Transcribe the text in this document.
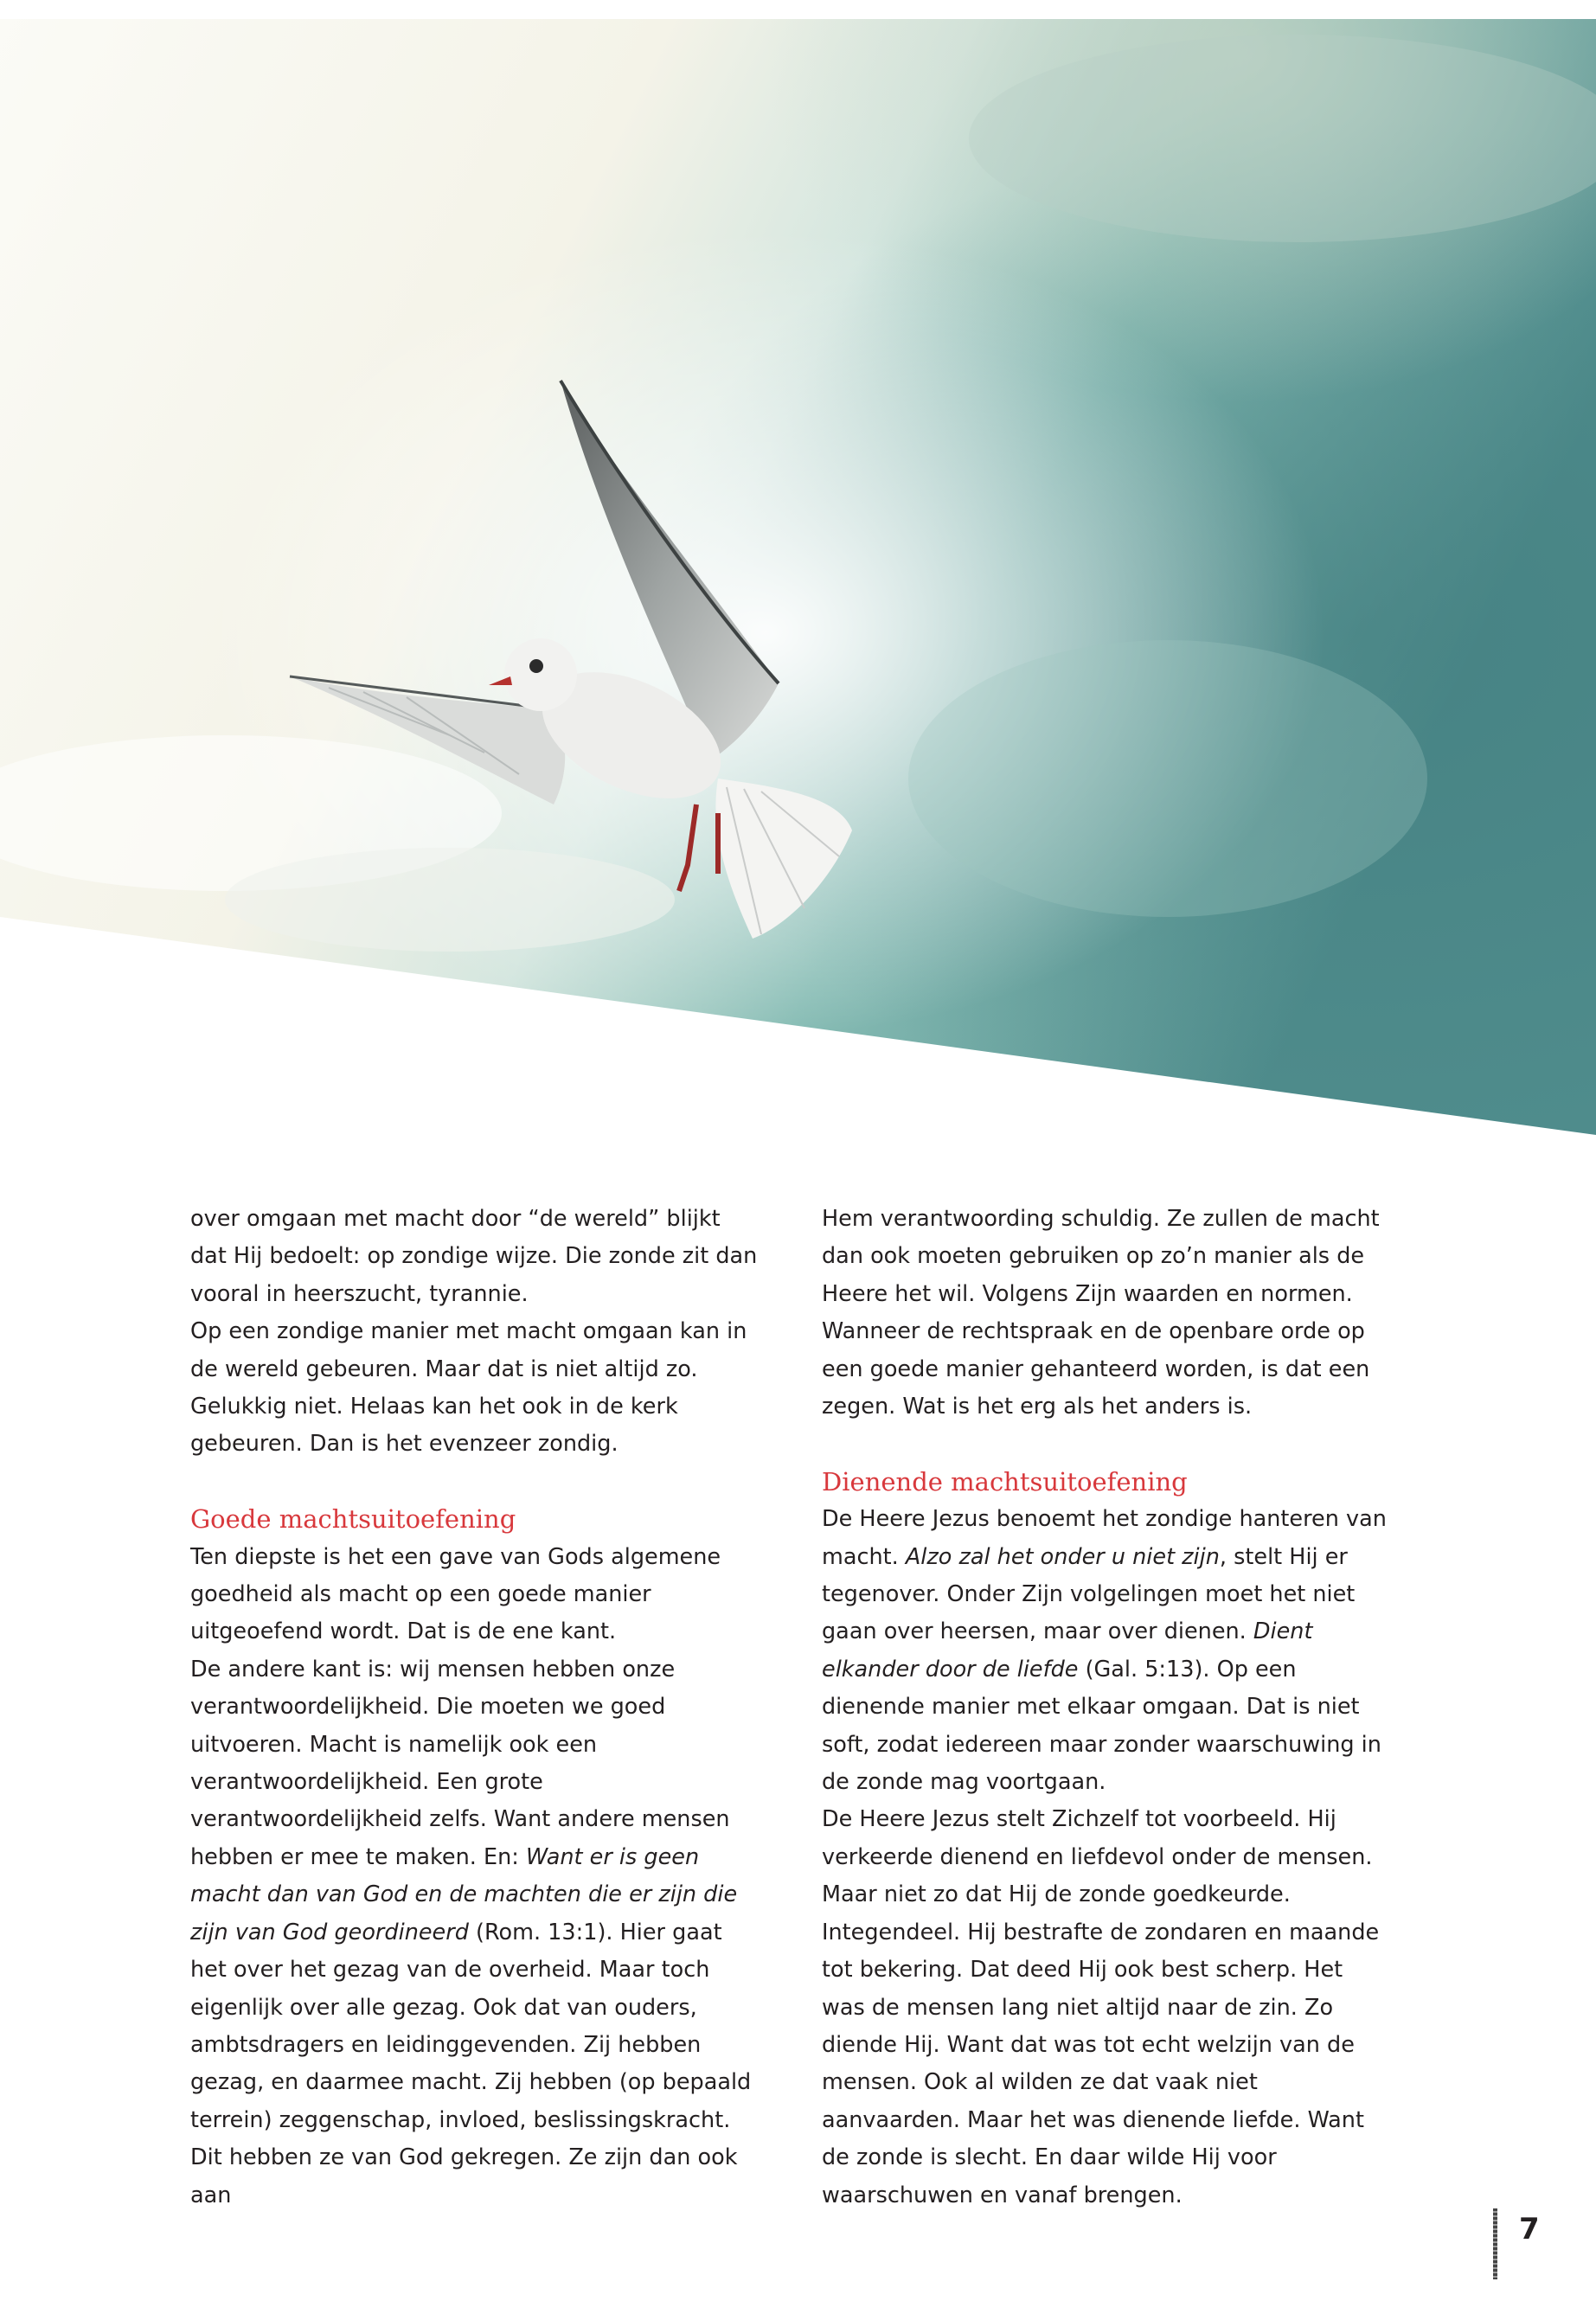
over omgaan met macht door “de wereld” blijkt dat Hij bedoelt: op zondige wijze. Die zonde zit dan vooral in heerszucht, tyrannie.

Op een zondige manier met macht omgaan kan in de wereld gebeuren. Maar dat is niet altijd zo. Gelukkig niet. Helaas kan het ook in de kerk gebeuren. Dan is het evenzeer zondig.

Goede machtsuitoefening

Ten diepste is het een gave van Gods algemene goedheid als macht op een goede manier uitgeoefend wordt. Dat is de ene kant.

De andere kant is: wij mensen hebben onze verantwoordelijkheid. Die moeten we goed uitvoeren. Macht is namelijk ook een verantwoordelijkheid. Een grote verantwoordelijkheid zelfs. Want andere mensen hebben er mee te maken. En: Want er is geen macht dan van God en de machten die er zijn die zijn van God geordineerd (Rom. 13:1). Hier gaat het over het gezag van de overheid. Maar toch eigenlijk over alle gezag. Ook dat van ouders, ambtsdragers en leidinggevenden. Zij hebben gezag, en daarmee macht. Zij hebben (op bepaald terrein) zeggenschap, invloed, beslissingskracht. Dit hebben ze van God gekregen. Ze zijn dan ook aan

Hem verantwoording schuldig. Ze zullen de macht dan ook moeten gebruiken op zo’n manier als de Heere het wil. Volgens Zijn waarden en normen.

Wanneer de rechtspraak en de openbare orde op een goede manier gehanteerd worden, is dat een zegen. Wat is het erg als het anders is.

Dienende machtsuitoefening

De Heere Jezus benoemt het zondige hanteren van macht. Alzo zal het onder u niet zijn, stelt Hij er tegenover. Onder Zijn volgelingen moet het niet gaan over heersen, maar over dienen. Dient elkander door de liefde (Gal. 5:13). Op een dienende manier met elkaar omgaan. Dat is niet soft, zodat iedereen maar zonder waarschuwing in de zonde mag voortgaan.

De Heere Jezus stelt Zichzelf tot voorbeeld. Hij verkeerde dienend en liefdevol onder de mensen. Maar niet zo dat Hij de zonde goedkeurde. Integendeel. Hij bestrafte de zondaren en maande tot bekering. Dat deed Hij ook best scherp. Het was de mensen lang niet altijd naar de zin. Zo diende Hij. Want dat was tot echt welzijn van de mensen. Ook al wilden ze dat vaak niet aanvaarden. Maar het was dienende liefde. Want de zonde is slecht. En daar wilde Hij voor waarschuwen en vanaf brengen.

7
